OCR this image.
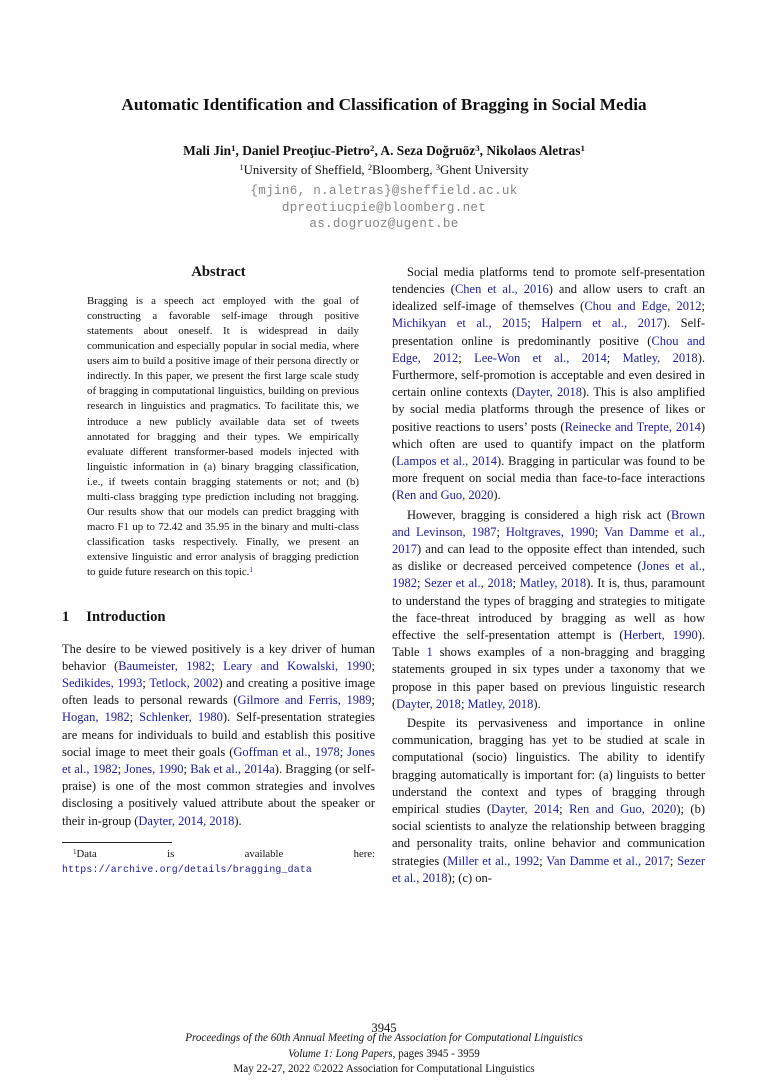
Automatic Identification and Classification of Bragging in Social Media
Mali Jin$^1$, Daniel Preoţiuc-Pietro$^2$, A. Seza Doğruöz$^3$, Nikolaos Aletras$^1$
$^1$University of Sheffield, $^2$Bloomberg, $^3$Ghent University
{mjin6, n.aletras}@sheffield.ac.uk
dpreotiucpie@bloomberg.net
as.dogruoz@ugent.be
Abstract
Bragging is a speech act employed with the goal of constructing a favorable self-image through positive statements about oneself. It is widespread in daily communication and especially popular in social media, where users aim to build a positive image of their persona directly or indirectly. In this paper, we present the first large scale study of bragging in computational linguistics, building on previous research in linguistics and pragmatics. To facilitate this, we introduce a new publicly available data set of tweets annotated for bragging and their types. We empirically evaluate different transformer-based models injected with linguistic information in (a) binary bragging classification, i.e., if tweets contain bragging statements or not; and (b) multi-class bragging type prediction including not bragging. Our results show that our models can predict bragging with macro F1 up to 72.42 and 35.95 in the binary and multi-class classification tasks respectively. Finally, we present an extensive linguistic and error analysis of bragging prediction to guide future research on this topic.$^1$
1 Introduction

The desire to be viewed positively is a key driver of human behavior (Baumeister, 1982; Leary and Kowalski, 1990; Sedikides, 1993; Tetlock, 2002) and creating a positive image often leads to personal rewards (Gilmore and Ferris, 1989; Hogan, 1982; Schlenker, 1980). Self-presentation strategies are means for individuals to build and establish this positive social image to meet their goals (Goffman et al., 1978; Jones et al., 1982; Jones, 1990; Bak et al., 2014a). Bragging (or self-praise) is one of the most common strategies and involves disclosing a positively valued attribute about the speaker or their in-group (Dayter, 2014, 2018).

$^1$Data is available here: https://archive.org/details/bragging_data

Social media platforms tend to promote self-presentation tendencies (Chen et al., 2016) and allow users to craft an idealized self-image of themselves (Chou and Edge, 2012; Michikyan et al., 2015; Halpern et al., 2017). Self-presentation online is predominantly positive (Chou and Edge, 2012; Lee-Won et al., 2014; Matley, 2018). Furthermore, self-promotion is acceptable and even desired in certain online contexts (Dayter, 2018). This is also amplified by social media platforms through the presence of likes or positive reactions to users’ posts (Reinecke and Trepte, 2014) which often are used to quantify impact on the platform (Lampos et al., 2014). Bragging in particular was found to be more frequent on social media than face-to-face interactions (Ren and Guo, 2020).

However, bragging is considered a high risk act (Brown and Levinson, 1987; Holtgraves, 1990; Van Damme et al., 2017) and can lead to the opposite effect than intended, such as dislike or decreased perceived competence (Jones et al., 1982; Sezer et al., 2018; Matley, 2018). It is, thus, paramount to understand the types of bragging and strategies to mitigate the face-threat introduced by bragging as well as how effective the self-presentation attempt is (Herbert, 1990). Table 1 shows examples of a non-bragging and bragging statements grouped in six types under a taxonomy that we propose in this paper based on previous linguistic research (Dayter, 2018; Matley, 2018).

Despite its pervasiveness and importance in online communication, bragging has yet to be studied at scale in computational (socio) linguistics. The ability to identify bragging automatically is important for: (a) linguists to better understand the context and types of bragging through empirical studies (Dayter, 2014; Ren and Guo, 2020); (b) social scientists to analyze the relationship between bragging and personality traits, online behavior and communication strategies (Miller et al., 1992; Van Damme et al., 2017; Sezer et al., 2018); (c) on-

3945
Proceedings of the 60th Annual Meeting of the Association for Computational Linguistics
Volume 1: Long Papers, pages 3945 - 3959
May 22-27, 2022 ©2022 Association for Computational Linguistics
